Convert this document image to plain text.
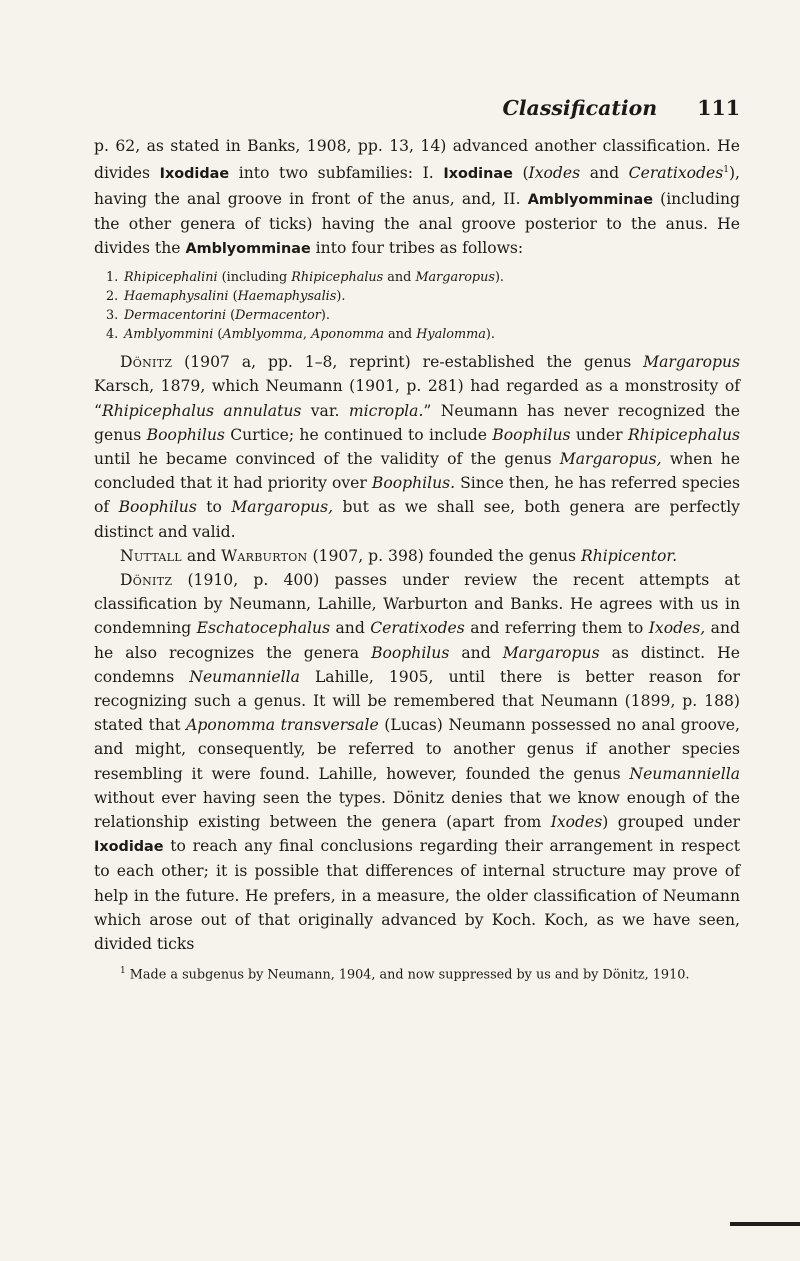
Classification 111

p. 62, as stated in Banks, 1908, pp. 13, 14) advanced another classification. He divides Ixodidae into two subfamilies: I. Ixodinae (Ixodes and Ceratixodes$^1$), having the anal groove in front of the anus, and, II. Amblyomminae (including the other genera of ticks) having the anal groove posterior to the anus. He divides the Amblyomminae into four tribes as follows:

1. Rhipicephalini (including Rhipicephalus and Margaropus).
2. Haemaphysalini (Haemaphysalis).
3. Dermacentorini (Dermacentor).
4. Amblyommini (Amblyomma, Aponomma and Hyalomma).

Dönitz (1907 a, pp. 1–8, reprint) re-established the genus Margaropus Karsch, 1879, which Neumann (1901, p. 281) had regarded as a monstrosity of “Rhipicephalus annulatus var. micropla.” Neumann has never recognized the genus Boophilus Curtice; he continued to include Boophilus under Rhipicephalus until he became convinced of the validity of the genus Margaropus, when he concluded that it had priority over Boophilus. Since then, he has referred species of Boophilus to Margaropus, but as we shall see, both genera are perfectly distinct and valid.

Nuttall and Warburton (1907, p. 398) founded the genus Rhipicentor.

Dönitz (1910, p. 400) passes under review the recent attempts at classification by Neumann, Lahille, Warburton and Banks. He agrees with us in condemning Eschatocephalus and Ceratixodes and referring them to Ixodes, and he also recognizes the genera Boophilus and Margaropus as distinct. He condemns Neumanniella Lahille, 1905, until there is better reason for recognizing such a genus. It will be remembered that Neumann (1899, p. 188) stated that Aponomma transversale (Lucas) Neumann possessed no anal groove, and might, consequently, be referred to another genus if another species resembling it were found. Lahille, however, founded the genus Neumanniella without ever having seen the types. Dönitz denies that we know enough of the relationship existing between the genera (apart from Ixodes) grouped under Ixodidae to reach any final conclusions regarding their arrangement in respect to each other; it is possible that differences of internal structure may prove of help in the future. He prefers, in a measure, the older classification of Neumann which arose out of that originally advanced by Koch. Koch, as we have seen, divided ticks

$^1$ Made a subgenus by Neumann, 1904, and now suppressed by us and by Dönitz, 1910.
